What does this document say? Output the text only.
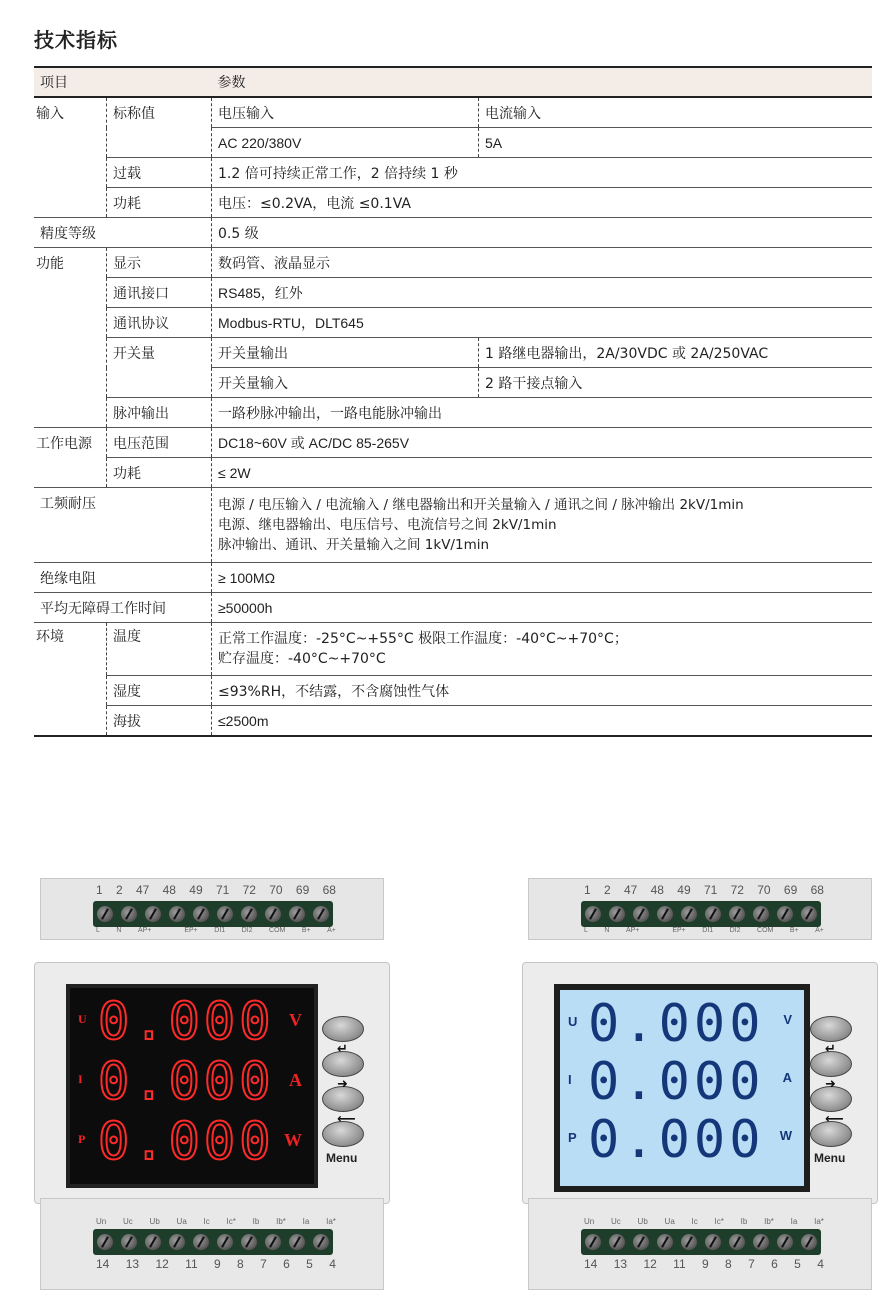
技术指标
项目		参数	
输入	标称值	电压输入	电流输入
		AC 220/380V	5A
	过载	1.2 倍可持续正常工作，2 倍持续 1 秒	
	功耗	电压：≤0.2VA，电流 ≤0.1VA	
精度等级		0.5 级	
功能	显示	数码管、液晶显示	
	通讯接口	RS485，红外	
	通讯协议	Modbus-RTU，DLT645	
	开关量	开关量输出	1 路继电器输出，2A/30VDC 或 2A/250VAC
		开关量输入	2 路干接点输入
	脉冲输出	一路秒脉冲输出，一路电能脉冲输出	
工作电源	电压范围	DC18~60V 或 AC/DC 85-265V	
	功耗	≤ 2W	
工频耐压		电源 / 电压输入 / 电流输入 / 继电器输出和开关量输入 / 通讯之间 / 脉冲输出 2kV/1min
电源、继电器输出、电压信号、电流信号之间 2kV/1min
脉冲输出、通讯、开关量输入之间 1kV/1min	

绝缘电阻		≥ 100MΩ	
平均无障碍工作时间		≥50000h	
环境	温度	正常工作温度：-25°C~+55°C 极限工作温度：-40°C~+70°C；
贮存温度：-40°C~+70°C	

	湿度	≤93%RH，不结露，不含腐蚀性气体	
	海拔	≤2500m	
1 2 47 48 49 71 72 70 69 68
L N AP+	EP+ DI1 DI2 COM B+ A+
U 0.000 V
I 0.000 A
P 0.000 W
↵
➜
⟵
Menu
Un Uc Ub Ua Ic Ic* Ib Ib* Ia Ia*
14 13 12 11 9 8 7 6 5 4
1 2 47 48 49 71 72 70 69 68
L N AP+	EP+ DI1 DI2 COM B+ A+
U 0.000 V
I 0.000 A
P 0.000 W
↵
➜
⟵
Menu
Un Uc Ub Ua Ic Ic* Ib Ib* Ia Ia*
14 13 12 11 9 8 7 6 5 4
